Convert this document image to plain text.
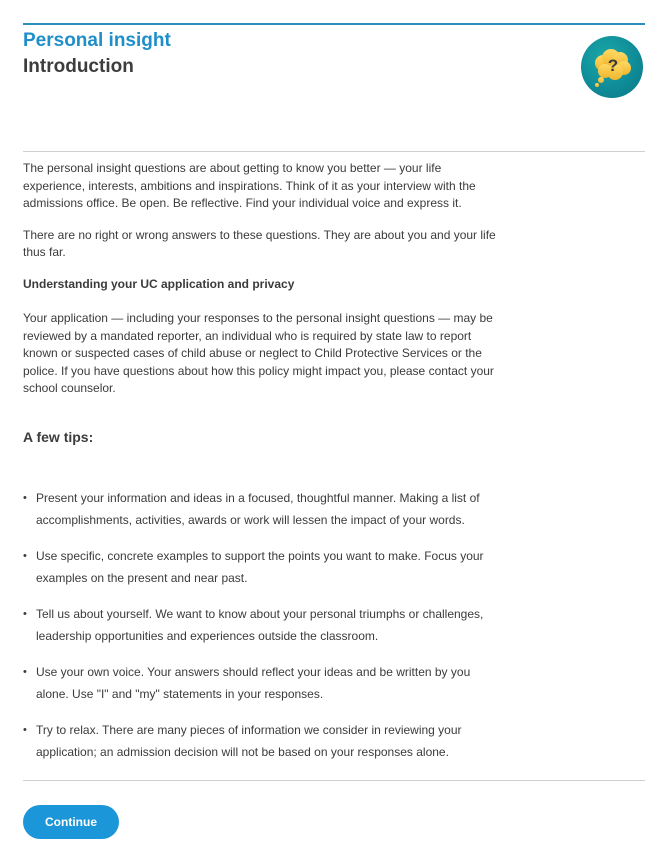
Personal insight
Introduction	?

The personal insight questions are about getting to know you better — your life experience, interests, ambitions and inspirations. Think of it as your interview with the admissions office. Be open. Be reflective. Find your individual voice and express it.

There are no right or wrong answers to these questions. They are about you and your life thus far.

Understanding your UC application and privacy

Your application — including your responses to the personal insight questions — may be reviewed by a mandated reporter, an individual who is required by state law to report known or suspected cases of child abuse or neglect to Child Protective Services or the police. If you have questions about how this policy might impact you, please contact your school counselor.

A few tips:
• Present your information and ideas in a focused, thoughtful manner. Making a list of accomplishments, activities, awards or work will lessen the impact of your words.
• Use specific, concrete examples to support the points you want to make. Focus your examples on the present and near past.
• Tell us about yourself. We want to know about your personal triumphs or challenges, leadership opportunities and experiences outside the classroom.
• Use your own voice. Your answers should reflect your ideas and be written by you alone. Use "I" and "my" statements in your responses.
• Try to relax. There are many pieces of information we consider in reviewing your application; an admission decision will not be based on your responses alone.
Continue
